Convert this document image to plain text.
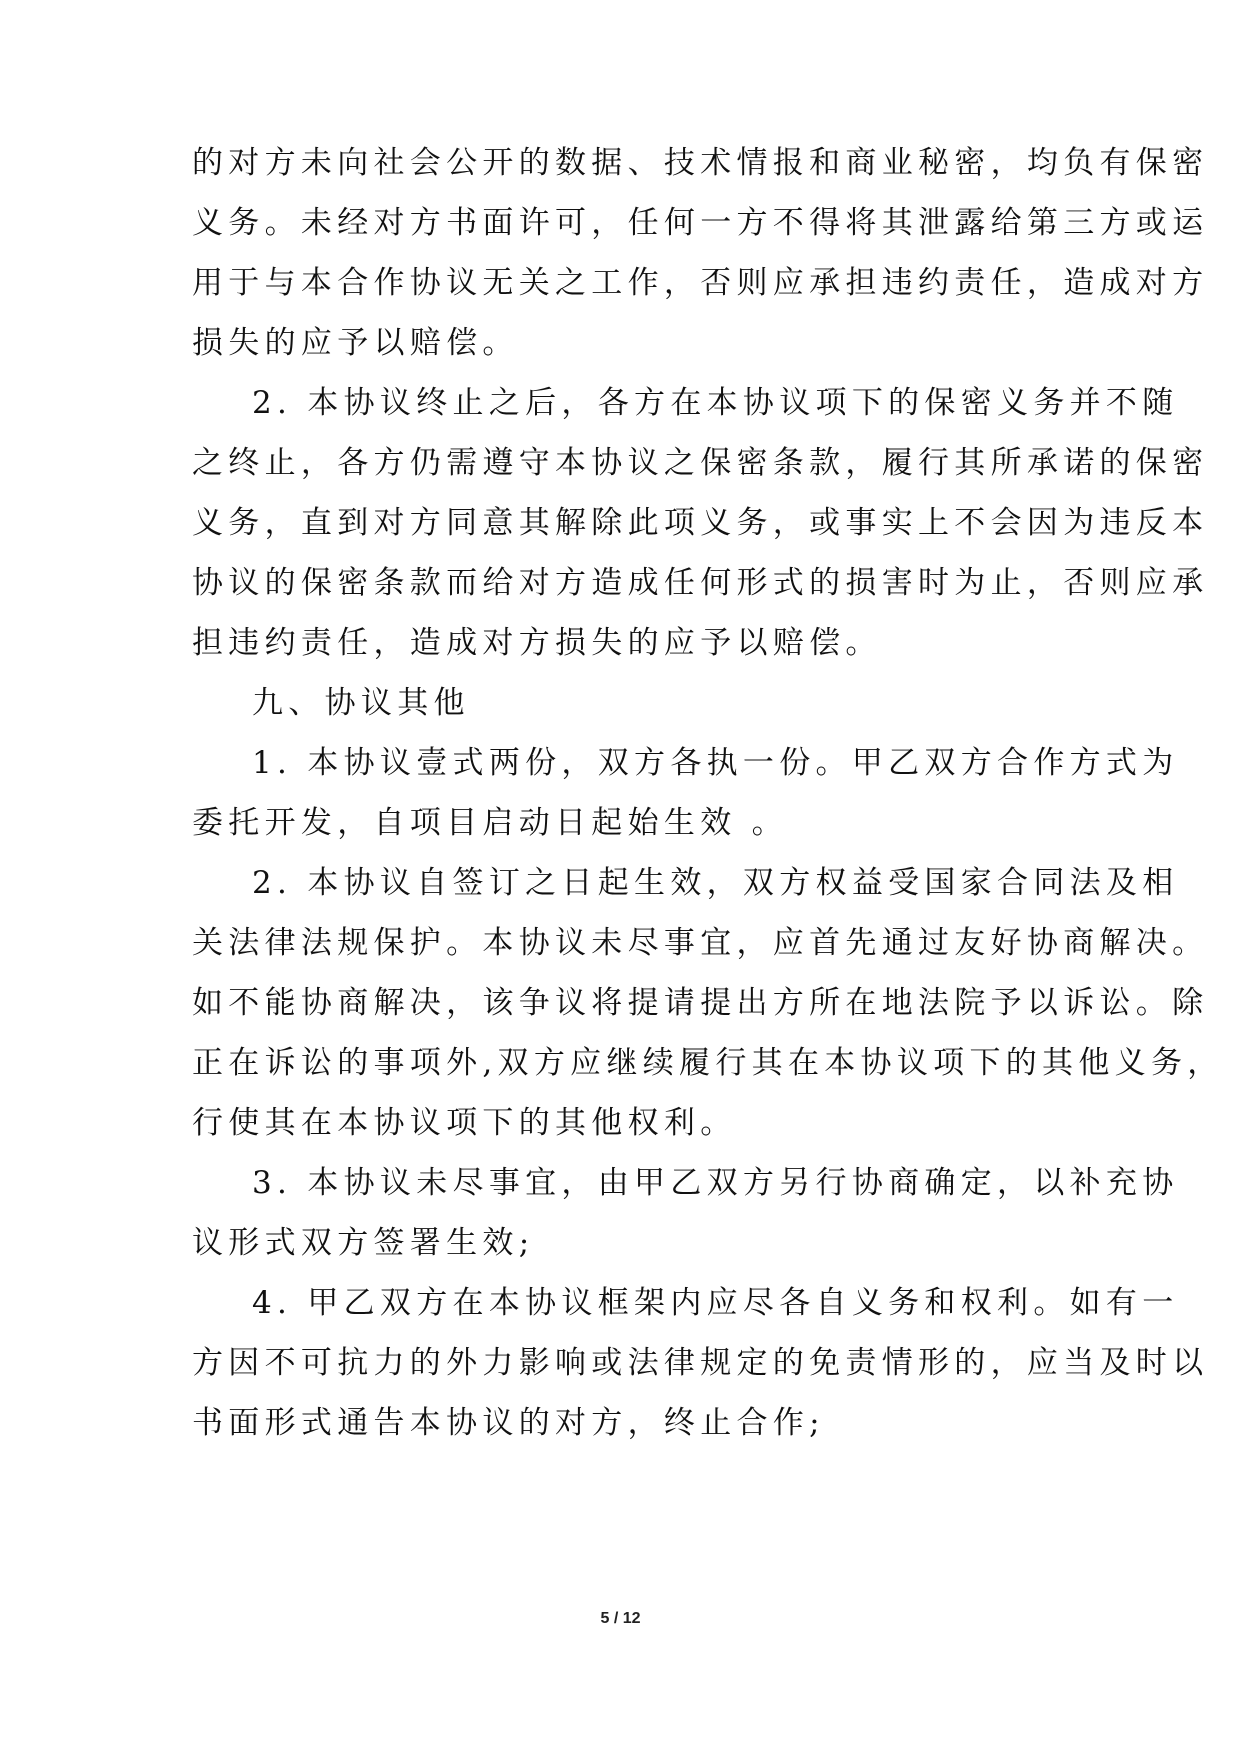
的对方未向社会公开的数据、技术情报和商业秘密，均负有保密

义务。未经对方书面许可，任何一方不得将其泄露给第三方或运

用于与本合作协议无关之工作，否则应承担违约责任，造成对方

损失的应予以赔偿。

2. 本协议终止之后，各方在本协议项下的保密义务并不随

之终止，各方仍需遵守本协议之保密条款，履行其所承诺的保密

义务，直到对方同意其解除此项义务，或事实上不会因为违反本

协议的保密条款而给对方造成任何形式的损害时为止，否则应承

担违约责任，造成对方损失的应予以赔偿。

九、协议其他

1. 本协议壹式两份，双方各执一份。甲乙双方合作方式为

委托开发，自项目启动日起始生效 。

2. 本协议自签订之日起生效，双方权益受国家合同法及相

关法律法规保护。本协议未尽事宜，应首先通过友好协商解决。

如不能协商解决，该争议将提请提出方所在地法院予以诉讼。除

正在诉讼的事项外,双方应继续履行其在本协议项下的其他义务，

行使其在本协议项下的其他权利。

3. 本协议未尽事宜，由甲乙双方另行协商确定，以补充协

议形式双方签署生效;

4. 甲乙双方在本协议框架内应尽各自义务和权利。如有一

方因不可抗力的外力影响或法律规定的免责情形的，应当及时以

书面形式通告本协议的对方，终止合作;

5 / 12
